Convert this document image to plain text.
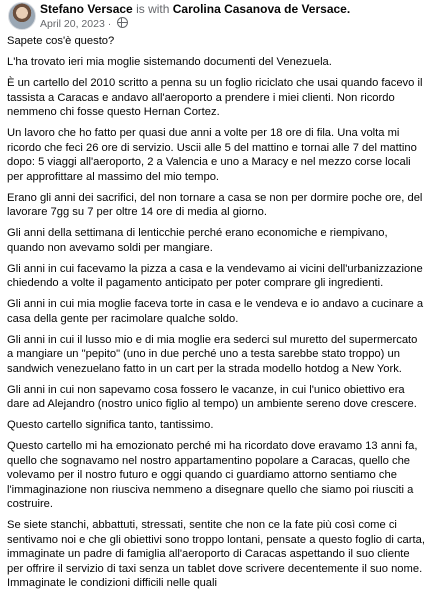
Stefano Versace is with Carolina Casanova de Versace.
April 20, 2023 ·

Sapete cos'è questo?

L'ha trovato ieri mia moglie sistemando documenti del Venezuela.

È un cartello del 2010 scritto a penna su un foglio riciclato che usai quando facevo il tassista a Caracas e andavo all'aeroporto a prendere i miei clienti. Non ricordo nemmeno chi fosse questo Hernan Cortez.

Un lavoro che ho fatto per quasi due anni a volte per 18 ore di fila. Una volta mi ricordo che feci 26 ore di servizio. Uscii alle 5 del mattino e tornai alle 7 del mattino dopo: 5 viaggi all'aeroporto, 2 a Valencia e uno a Maracy e nel mezzo corse locali per approfittare al massimo del mio tempo.

Erano gli anni dei sacrifici, del non tornare a casa se non per dormire poche ore, del lavorare 7gg su 7 per oltre 14 ore di media al giorno.

Gli anni della settimana di lenticchie perché erano economiche e riempivano, quando non avevamo soldi per mangiare.

Gli anni in cui facevamo la pizza a casa e la vendevamo ai vicini dell'urbanizzazione chiedendo a volte il pagamento anticipato per poter comprare gli ingredienti.

Gli anni in cui mia moglie faceva torte in casa e le vendeva e io andavo a cucinare a casa della gente per racimolare qualche soldo.

Gli anni in cui il lusso mio e di mia moglie era sederci sul muretto del supermercato a mangiare un "pepito" (uno in due perché uno a testa sarebbe stato troppo) un sandwich venezuelano fatto in un cart per la strada modello hotdog a New York.

Gli anni in cui non sapevamo cosa fossero le vacanze, in cui l'unico obiettivo era dare ad Alejandro (nostro unico figlio al tempo) un ambiente sereno dove crescere.

Questo cartello significa tanto, tantissimo.

Questo cartello mi ha emozionato perché mi ha ricordato dove eravamo 13 anni fa, quello che sognavamo nel nostro appartamentino popolare a Caracas, quello che volevamo per il nostro futuro e oggi quando ci guardiamo attorno sentiamo che l'immaginazione non riusciva nemmeno a disegnare quello che siamo poi riusciti a costruire.

Se siete stanchi, abbattuti, stressati, sentite che non ce la fate più così come ci sentivamo noi e che gli obiettivi sono troppo lontani, pensate a questo foglio di carta, immaginate un padre di famiglia all'aeroporto di Caracas aspettando il suo cliente per offrire il servizio di taxi senza un tablet dove scrivere decentemente il suo nome. Immaginate le condizioni difficili nelle quali
